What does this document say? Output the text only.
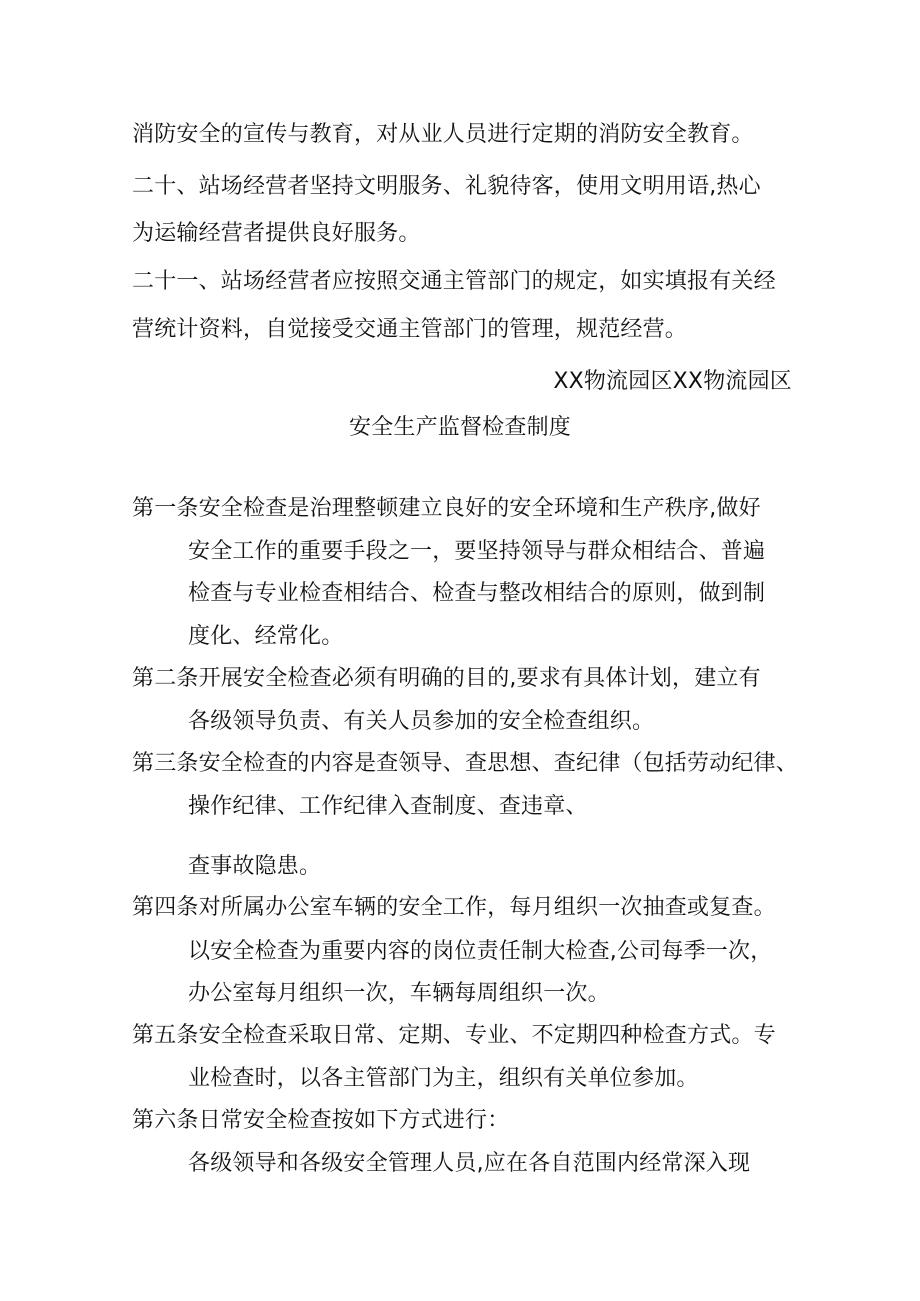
消防安全的宣传与教育，对从业人员进行定期的消防安全教育。
二十、站场经营者坚持文明服务、礼貌待客，使用文明用语,热心
为运输经营者提供良好服务。
二十一、站场经营者应按照交通主管部门的规定，如实填报有关经
营统计资料，自觉接受交通主管部门的管理，规范经营。
XX物流园区XX物流园区
安全生产监督检查制度
第一条安全检查是治理整顿建立良好的安全环境和生产秩序,做好
安全工作的重要手段之一，要坚持领导与群众相结合、普遍
检查与专业检查相结合、检查与整改相结合的原则，做到制
度化、经常化。
第二条开展安全检查必须有明确的目的,要求有具体计划，建立有
各级领导负责、有关人员参加的安全检查组织。
第三条安全检查的内容是查领导、查思想、查纪律（包括劳动纪律、
操作纪律、工作纪律入查制度、查违章、
查事故隐患。
第四条对所属办公室车辆的安全工作，每月组织一次抽查或复查。
以安全检查为重要内容的岗位责任制大检查,公司每季一次，
办公室每月组织一次，车辆每周组织一次。
第五条安全检查采取日常、定期、专业、不定期四种检查方式。专
业检查时，以各主管部门为主，组织有关单位参加。
第六条日常安全检查按如下方式进行：
各级领导和各级安全管理人员,应在各自范围内经常深入现
